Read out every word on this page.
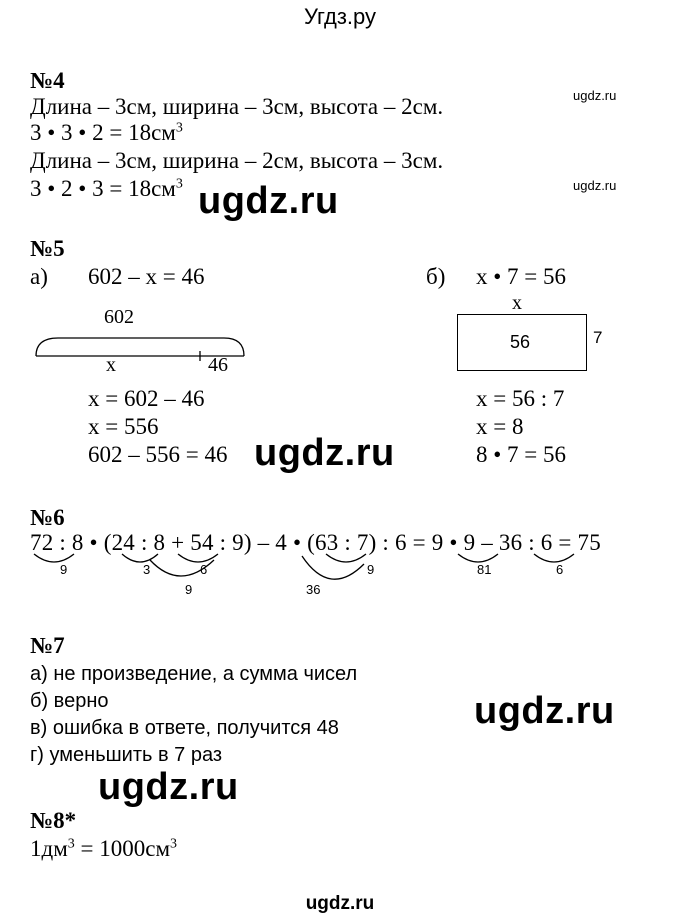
Угдз.ру
№4
Длина – 3см, ширина – 3см, высота – 2см.
3 • 3 • $2 = 18см^3$
Длина – 3см, ширина – 2см, высота – 3см.
3 • 2 • $3 = 18см^3$
ugdz.ru
ugdz.ru
ugdz.ru
№5
а) 602 – x = 46	б) x • 7 = 56
602
x	46
x = 602 – 46
x = 556
602 – 556 = 46
x
56	7
x = 56 : 7
x = 8
8 • 7 = 56
ugdz.ru
№6
72 : 8 • (24 : 8 + 54 : 9) – 4 • (63 : 7) : 6 = 9 • 9 – 36 : 6 = 75
9	3	6
9	36
9	81	6
№7
а) не произведение, а сумма чисел
б) верно
в) ошибка в ответе, получится 48
г) уменьшить в 7 раз
ugdz.ru
ugdz.ru
№8*
$1дм^3 = 1000см^3$
ugdz.ru
